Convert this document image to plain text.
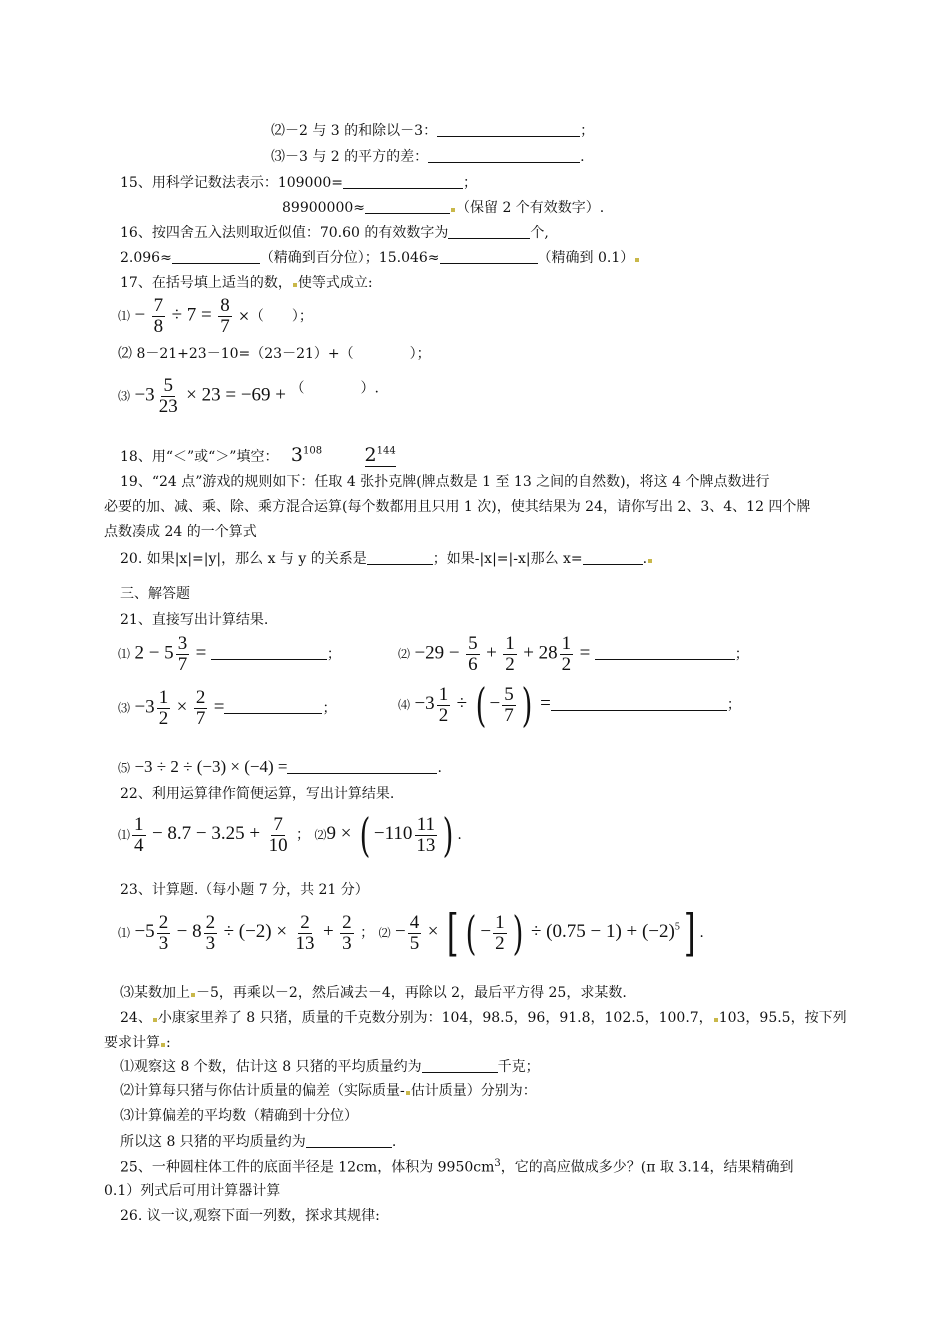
⑵－2 与 3 的和除以－3：	；
⑶－3 与 2 的平方的差：	.
15、用科学记数法表示：109000=	；
89900000≈	（保留 2 个有效数字）.
16、按四舍五入法则取近似值：70.60 的有效数字为	个,
2.096≈	（精确到百分位）；15.046≈	（精确到 0.1）
17、在括号填上适当的数， 使等式成立:
⑴ − $\frac{7}{8} \div 7 = \frac{8}{7}$ ×（　　）；
⑵ 8－21+23－10=（23－21）+（　　　　）；
⑶ $-3 \frac{5}{23} \times 23 = -69$ + （　　　　）.
18、用“＜”或“＞”填空： $3^{108}$ $2^{144}$
19、“24 点”游戏的规则如下：任取 4 张扑克牌(牌点数是 1 至 13 之间的自然数)，将这 4 个牌点数进行
必要的加、减、乘、除、乘方混合运算(每个数都用且只用 1 次)，使其结果为 24，请你写出 2、3、4、12 四个牌
点数凑成 24 的一个算式
20. 如果|x|=|y|，那么 x 与 y 的关系是	；如果-|x|=|-x|那么 x=	.
三、解答题
21、直接写出计算结果.
⑴ $2 - 5 \frac{3}{7}$ =	；	⑵ $-29 - \frac{5}{6} + \frac{1}{2} + 28 \frac{1}{2}$ =	；
⑶ $-3 \frac{1}{2} \times \frac{2}{7}$ =	；	⑷ $-3 \frac{1}{2}$ ÷ ( − $\frac{5}{7}$ ) =	；
⑸ −3 ÷ 2 ÷ (−3) × (−4) =	.
22、利用运算律作简便运算，写出计算结果.
⑴ $\frac{1}{4} - 8.7 - 3.25 + \frac{7}{10}$ ； ⑵9 × ( $-110 \frac{11}{13}$ ) .
23、计算题.（每小题 7 分，共 21 分）
⑴ $-5 \frac{2}{3} - 8 \frac{2}{3} \div (-2) \times \frac{2}{13} + \frac{2}{3}$ ； ⑵ − $\frac{4}{5}$ × [ ( − $\frac{1}{2}$ ) ÷ $(0.75 - 1) + (-2)^5$] .
⑶某数加上 －5，再乘以－2，然后减去－4，再除以 2，最后平方得 25，求某数.
24、 小康家里养了 8 只猪，质量的千克数分别为：104，98.5，96，91.8，102.5，100.7， 103，95.5，按下列
要求计算 :
⑴观察这 8 个数，估计这 8 只猪的平均质量约为	千克；
⑵计算每只猪与你估计质量的偏差（实际质量- 估计质量）分别为：
⑶计算偏差的平均数（精确到十分位）
所以这 8 只猪的平均质量约为	.
25、一种圆柱体工件的底面半径是 12cm，体积为 $9950cm^3$，它的高应做成多少？(π 取 3.14，结果精确到
0.1）列式后可用计算器计算
26. 议一议,观察下面一列数，探求其规律:
